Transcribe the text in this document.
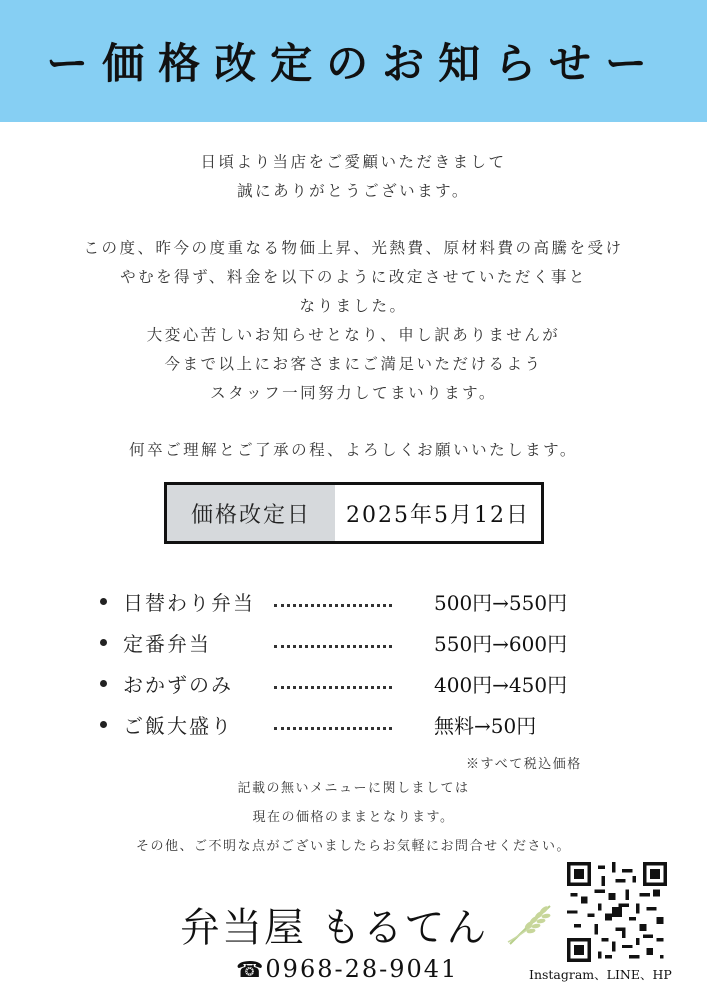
ー価格改定のお知らせー
日頃より当店をご愛顧いただきまして
誠にありがとうございます。
この度、昨今の度重なる物価上昇、光熱費、原材料費の高騰を受け
やむを得ず、料金を以下のように改定させていただく事と
なりました。
大変心苦しいお知らせとなり、申し訳ありませんが
今まで以上にお客さまにご満足いただけるよう
スタッフ一同努力してまいります。
何卒ご理解とご了承の程、よろしくお願いいたします。
価格改定日	2025年5月12日
日替わり弁当	500円→550円
定番弁当	550円→600円
おかずのみ	400円→450円
ご飯大盛り	無料→50円
※すべて税込価格
記載の無いメニューに関しましては
現在の価格のままとなります。
その他、ご不明な点がございましたらお気軽にお問合せください。
弁当屋 もるてん
☎0968-28-9041	Instagram、LINE、HP
